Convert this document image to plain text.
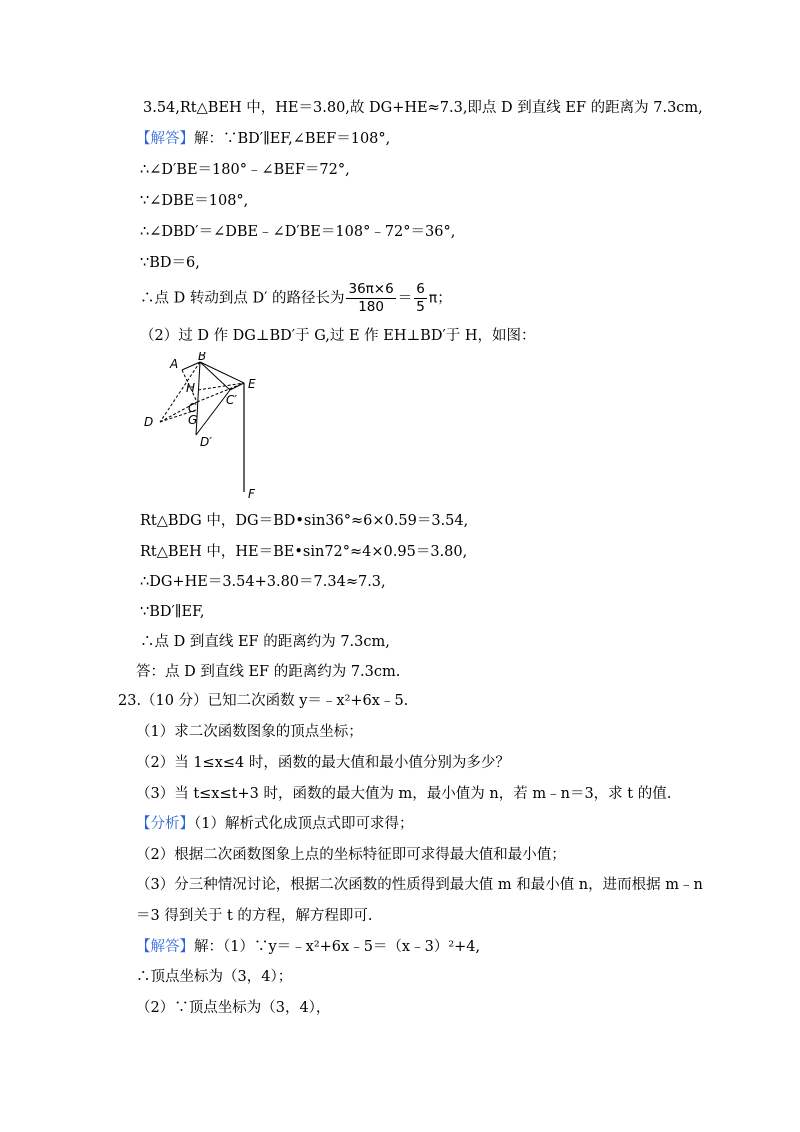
3.54,Rt△BEH 中，HE＝3.80,故 DG+HE≈7.3,即点 D 到直线 EF 的距离为 7.3cm,
【解答】解：∵BD′∥EF,∠BEF＝108°,
∴∠D′BE＝180°﹣∠BEF＝72°,
∵∠DBE＝108°,
∴∠DBD′＝∠DBE﹣∠D′BE＝108°﹣72°＝36°,
∵BD＝6,
∴点 D 转动到点 D′ 的路径长为 $\frac{36\pi\times 6}{180} = \frac{6}{5}$ π；
（2）过 D 作 DG⊥BD′于 G,过 E 作 EH⊥BD′于 H，如图：
A
B
E
H
C
C′
D	G
D′
F
Rt△BDG 中，DG＝BD•sin36°≈6×0.59＝3.54,
Rt△BEH 中，HE＝BE•sin72°≈4×0.95＝3.80,
∴DG+HE＝3.54+3.80＝7.34≈7.3,
∵BD′∥EF,
∴点 D 到直线 EF 的距离约为 7.3cm,
答：点 D 到直线 EF 的距离约为 7.3cm.
23.（10 分）已知二次函数 y＝﹣x²+6x﹣5.
（1）求二次函数图象的顶点坐标；
（2）当 1≤x≤4 时，函数的最大值和最小值分别为多少？
（3）当 t≤x≤t+3 时，函数的最大值为 m，最小值为 n，若 m﹣n＝3，求 t 的值.
【分析】（1）解析式化成顶点式即可求得；
（2）根据二次函数图象上点的坐标特征即可求得最大值和最小值；
（3）分三种情况讨论，根据二次函数的性质得到最大值 m 和最小值 n，进而根据 m﹣n
＝3 得到关于 t 的方程，解方程即可.
【解答】解：（1）∵y＝﹣x²+6x﹣5＝（x﹣3）²+4,
∴顶点坐标为（3，4）；
（2）∵顶点坐标为（3，4），
